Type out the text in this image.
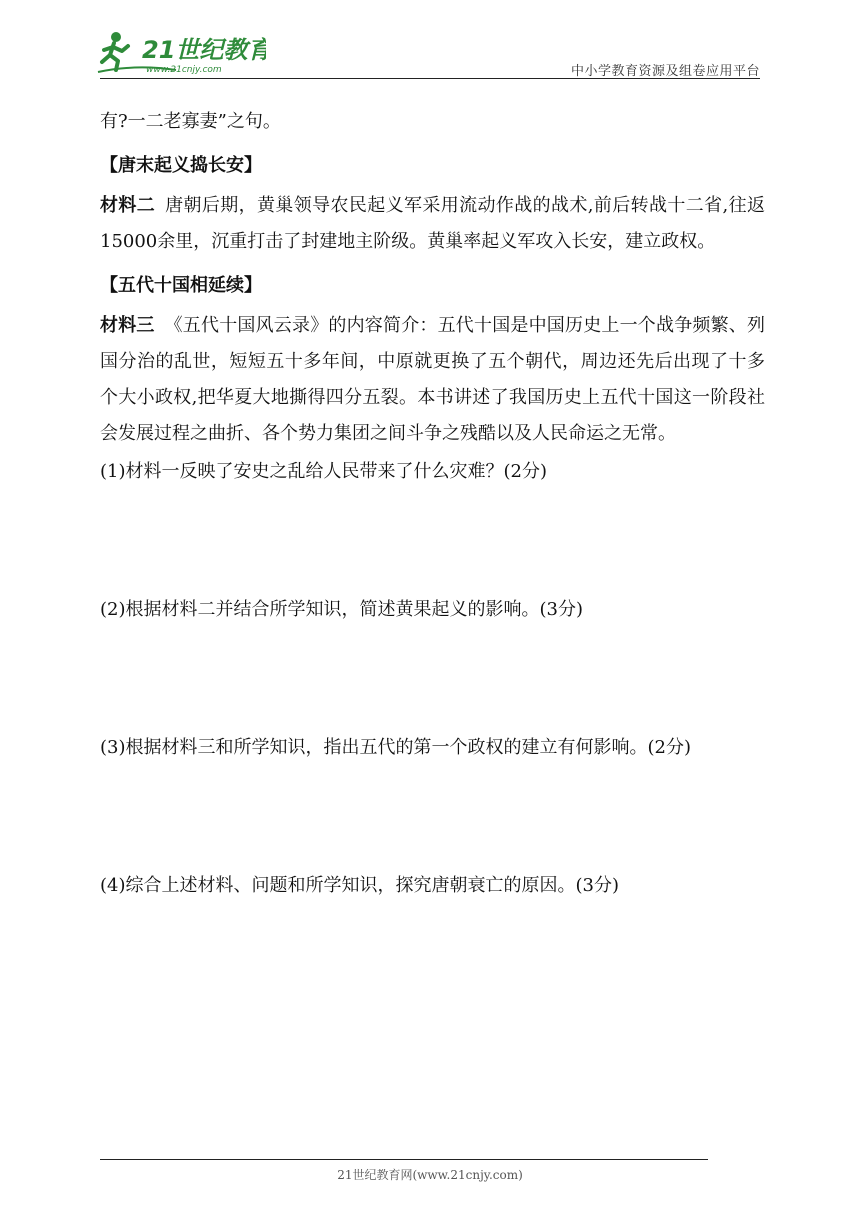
21世纪教育
www.21cnjy.com	中小学教育资源及组卷应用平台

有?一二老寡妻”之句。

【唐末起义捣长安】

材料二 唐朝后期，黄巢领导农民起义军采用流动作战的战术,前后转战十二省,往返15000余里，沉重打击了封建地主阶级。黄巢率起义军攻入长安，建立政权。

【五代十国相延续】

材料三 《五代十国风云录》的内容简介：五代十国是中国历史上一个战争频繁、列国分治的乱世，短短五十多年间，中原就更换了五个朝代，周边还先后出现了十多个大小政权,把华夏大地撕得四分五裂。本书讲述了我国历史上五代十国这一阶段社会发展过程之曲折、各个势力集团之间斗争之残酷以及人民命运之无常。

(1)材料一反映了安史之乱给人民带来了什么灾难？(2分)

(2)根据材料二并结合所学知识，简述黄果起义的影响。(3分)

(3)根据材料三和所学知识，指出五代的第一个政权的建立有何影响。(2分)

(4)综合上述材料、问题和所学知识，探究唐朝衰亡的原因。(3分)

21世纪教育网(www.21cnjy.com)
